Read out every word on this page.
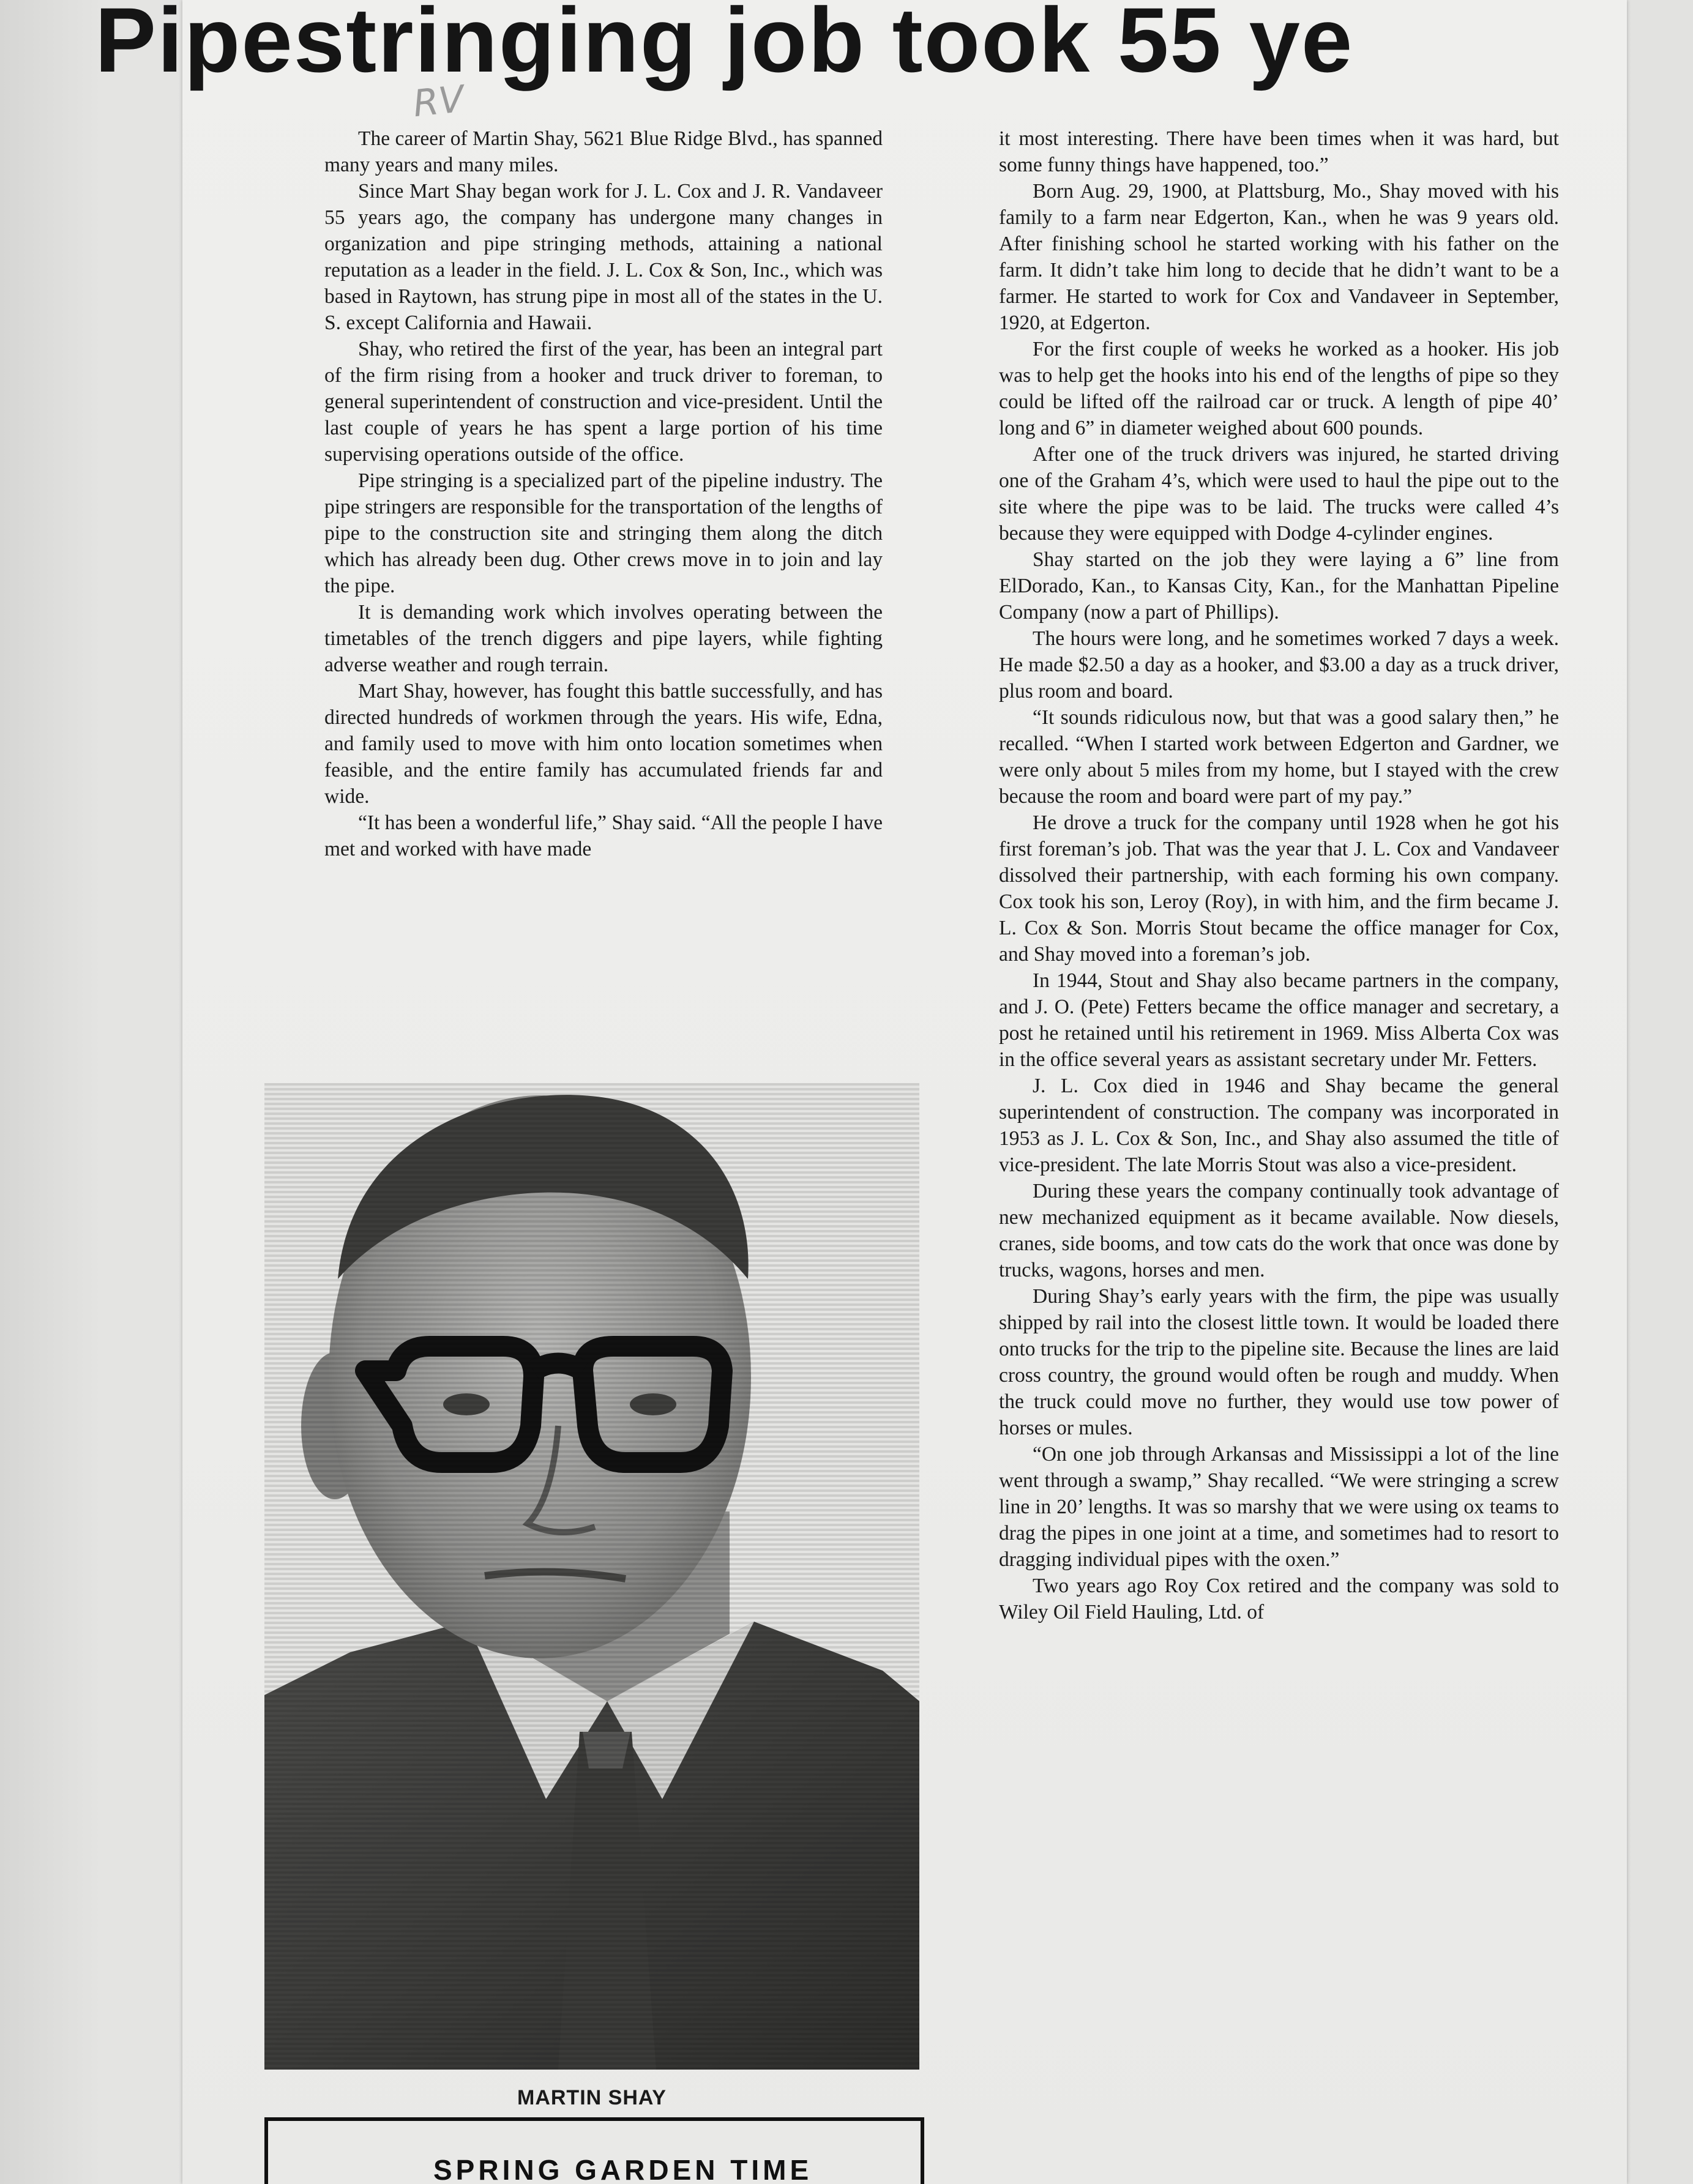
RV
Pipestringing job took 55 ye

The career of Martin Shay, 5621 Blue Ridge Blvd., has spanned many years and many miles.

Since Mart Shay began work for J. L. Cox and J. R. Vandaveer 55 years ago, the company has undergone many changes in organization and pipe stringing methods, attaining a national reputation as a leader in the field. J. L. Cox & Son, Inc., which was based in Raytown, has strung pipe in most all of the states in the U. S. except California and Hawaii.

Shay, who retired the first of the year, has been an integral part of the firm rising from a hooker and truck driver to foreman, to general superintendent of construction and vice-president. Until the last couple of years he has spent a large portion of his time supervising operations outside of the office.

Pipe stringing is a specialized part of the pipeline industry. The pipe stringers are responsible for the transportation of the lengths of pipe to the construction site and stringing them along the ditch which has already been dug. Other crews move in to join and lay the pipe.

It is demanding work which involves operating between the timetables of the trench diggers and pipe layers, while fighting adverse weather and rough terrain.

Mart Shay, however, has fought this battle successfully, and has directed hundreds of workmen through the years. His wife, Edna, and family used to move with him onto location sometimes when feasible, and the entire family has accumulated friends far and wide.

“It has been a wonderful life,” Shay said. “All the people I have met and worked with have made

it most interesting. There have been times when it was hard, but some funny things have happened, too.”

Born Aug. 29, 1900, at Plattsburg, Mo., Shay moved with his family to a farm near Edgerton, Kan., when he was 9 years old. After finishing school he started working with his father on the farm. It didn’t take him long to decide that he didn’t want to be a farmer. He started to work for Cox and Vandaveer in September, 1920, at Edgerton.

For the first couple of weeks he worked as a hooker. His job was to help get the hooks into his end of the lengths of pipe so they could be lifted off the railroad car or truck. A length of pipe 40’ long and 6” in diameter weighed about 600 pounds.

After one of the truck drivers was injured, he started driving one of the Graham 4’s, which were used to haul the pipe out to the site where the pipe was to be laid. The trucks were called 4’s because they were equipped with Dodge 4-cylinder engines.

Shay started on the job they were laying a 6” line from ElDorado, Kan., to Kansas City, Kan., for the Manhattan Pipeline Company (now a part of Phillips).

The hours were long, and he sometimes worked 7 days a week. He made $2.50 a day as a hooker, and $3.00 a day as a truck driver, plus room and board.

“It sounds ridiculous now, but that was a good salary then,” he recalled. “When I started work between Edgerton and Gardner, we were only about 5 miles from my home, but I stayed with the crew because the room and board were part of my pay.”

He drove a truck for the company until 1928 when he got his first foreman’s job. That was the year that J. L. Cox and Vandaveer dissolved their partnership, with each forming his own company. Cox took his son, Leroy (Roy), in with him, and the firm became J. L. Cox & Son. Morris Stout became the office manager for Cox, and Shay moved into a foreman’s job.

In 1944, Stout and Shay also became partners in the company, and J. O. (Pete) Fetters became the office manager and secretary, a post he retained until his retirement in 1969. Miss Alberta Cox was in the office several years as assistant secretary under Mr. Fetters.

J. L. Cox died in 1946 and Shay became the general superintendent of construction. The company was incorporated in 1953 as J. L. Cox & Son, Inc., and Shay also assumed the title of vice-president. The late Morris Stout was also a vice-president.

During these years the company continually took advantage of new mechanized equipment as it became available. Now diesels, cranes, side booms, and tow cats do the work that once was done by trucks, wagons, horses and men.

During Shay’s early years with the firm, the pipe was usually shipped by rail into the closest little town. It would be loaded there onto trucks for the trip to the pipeline site. Because the lines are laid cross country, the ground would often be rough and muddy. When the truck could move no further, they would use tow power of horses or mules.

“On one job through Arkansas and Mississippi a lot of the line went through a swamp,” Shay recalled. “We were stringing a screw line in 20’ lengths. It was so marshy that we were using ox teams to drag the pipes in one joint at a time, and sometimes had to resort to dragging individual pipes with the oxen.”

Two years ago Roy Cox retired and the company was sold to Wiley Oil Field Hauling, Ltd. of

MARTIN SHAY
SPRING GARDEN TIME
